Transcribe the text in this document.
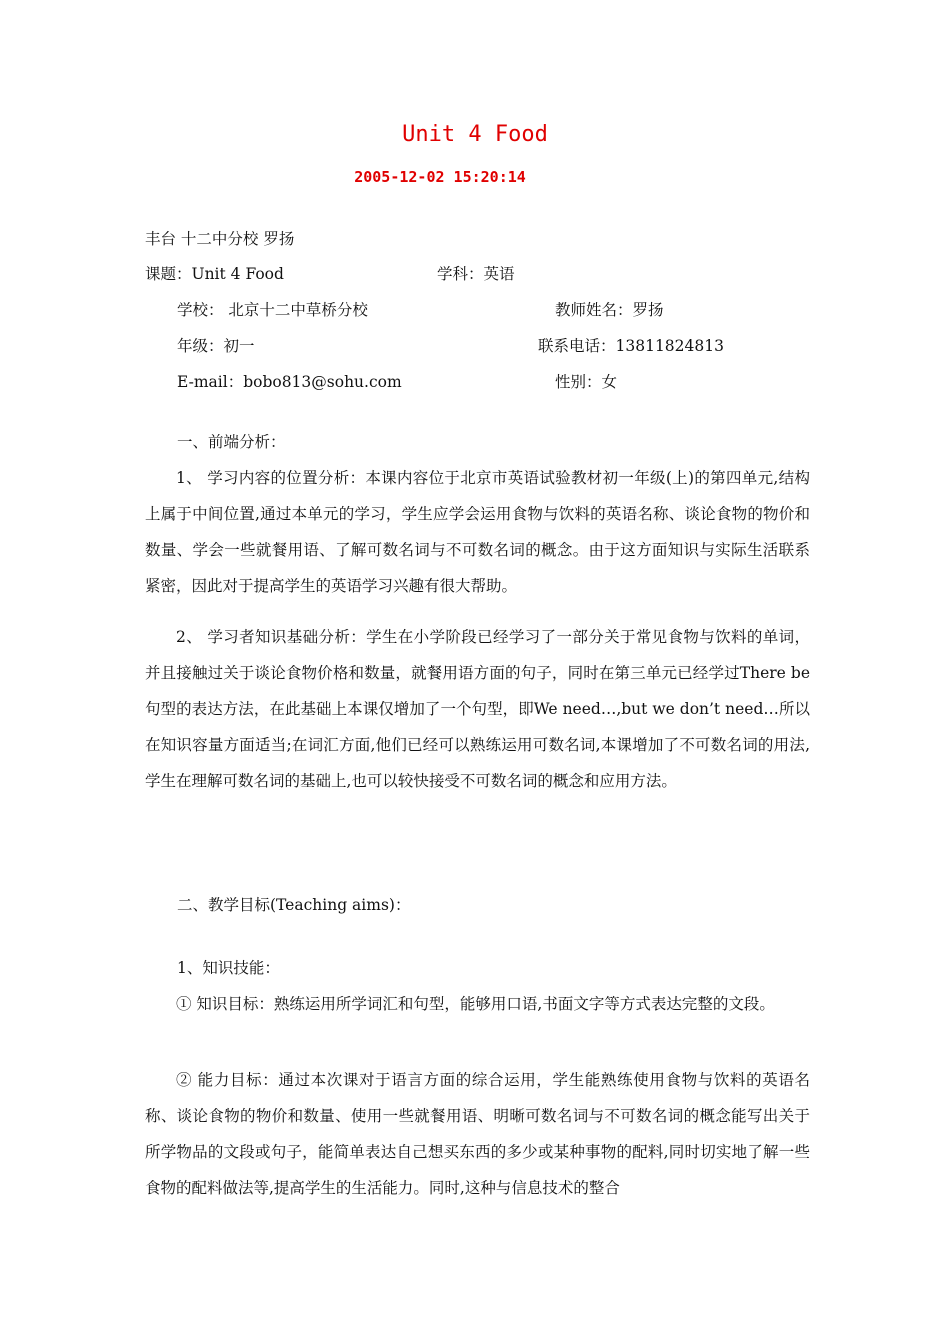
Unit 4 Food
2005-12-02 15:20:14
丰台 十二中分校 罗扬
课题：Unit 4 Food	学科：英语
学校： 北京十二中草桥分校	教师姓名：罗扬
年级：初一	联系电话：13811824813
E-mail：bobo813@sohu.com	性别：女
一、前端分析：

1、 学习内容的位置分析：本课内容位于北京市英语试验教材初一年级(上)的第四单元,结构上属于中间位置,通过本单元的学习，学生应学会运用食物与饮料的英语名称、谈论食物的物价和数量、学会一些就餐用语、了解可数名词与不可数名词的概念。由于这方面知识与实际生活联系紧密，因此对于提高学生的英语学习兴趣有很大帮助。

2、 学习者知识基础分析：学生在小学阶段已经学习了一部分关于常见食物与饮料的单词，并且接触过关于谈论食物价格和数量，就餐用语方面的句子，同时在第三单元已经学过There be句型的表达方法，在此基础上本课仅增加了一个句型，即We need…,but we don’t need…所以在知识容量方面适当;在词汇方面,他们已经可以熟练运用可数名词,本课增加了不可数名词的用法,学生在理解可数名词的基础上,也可以较快接受不可数名词的概念和应用方法。

二、教学目标(Teaching aims)：
1、知识技能：

① 知识目标：熟练运用所学词汇和句型，能够用口语,书面文字等方式表达完整的文段。

② 能力目标：通过本次课对于语言方面的综合运用，学生能熟练使用食物与饮料的英语名称、谈论食物的物价和数量、使用一些就餐用语、明晰可数名词与不可数名词的概念能写出关于所学物品的文段或句子，能简单表达自己想买东西的多少或某种事物的配料,同时切实地了解一些食物的配料做法等,提高学生的生活能力。同时,这种与信息技术的整合
